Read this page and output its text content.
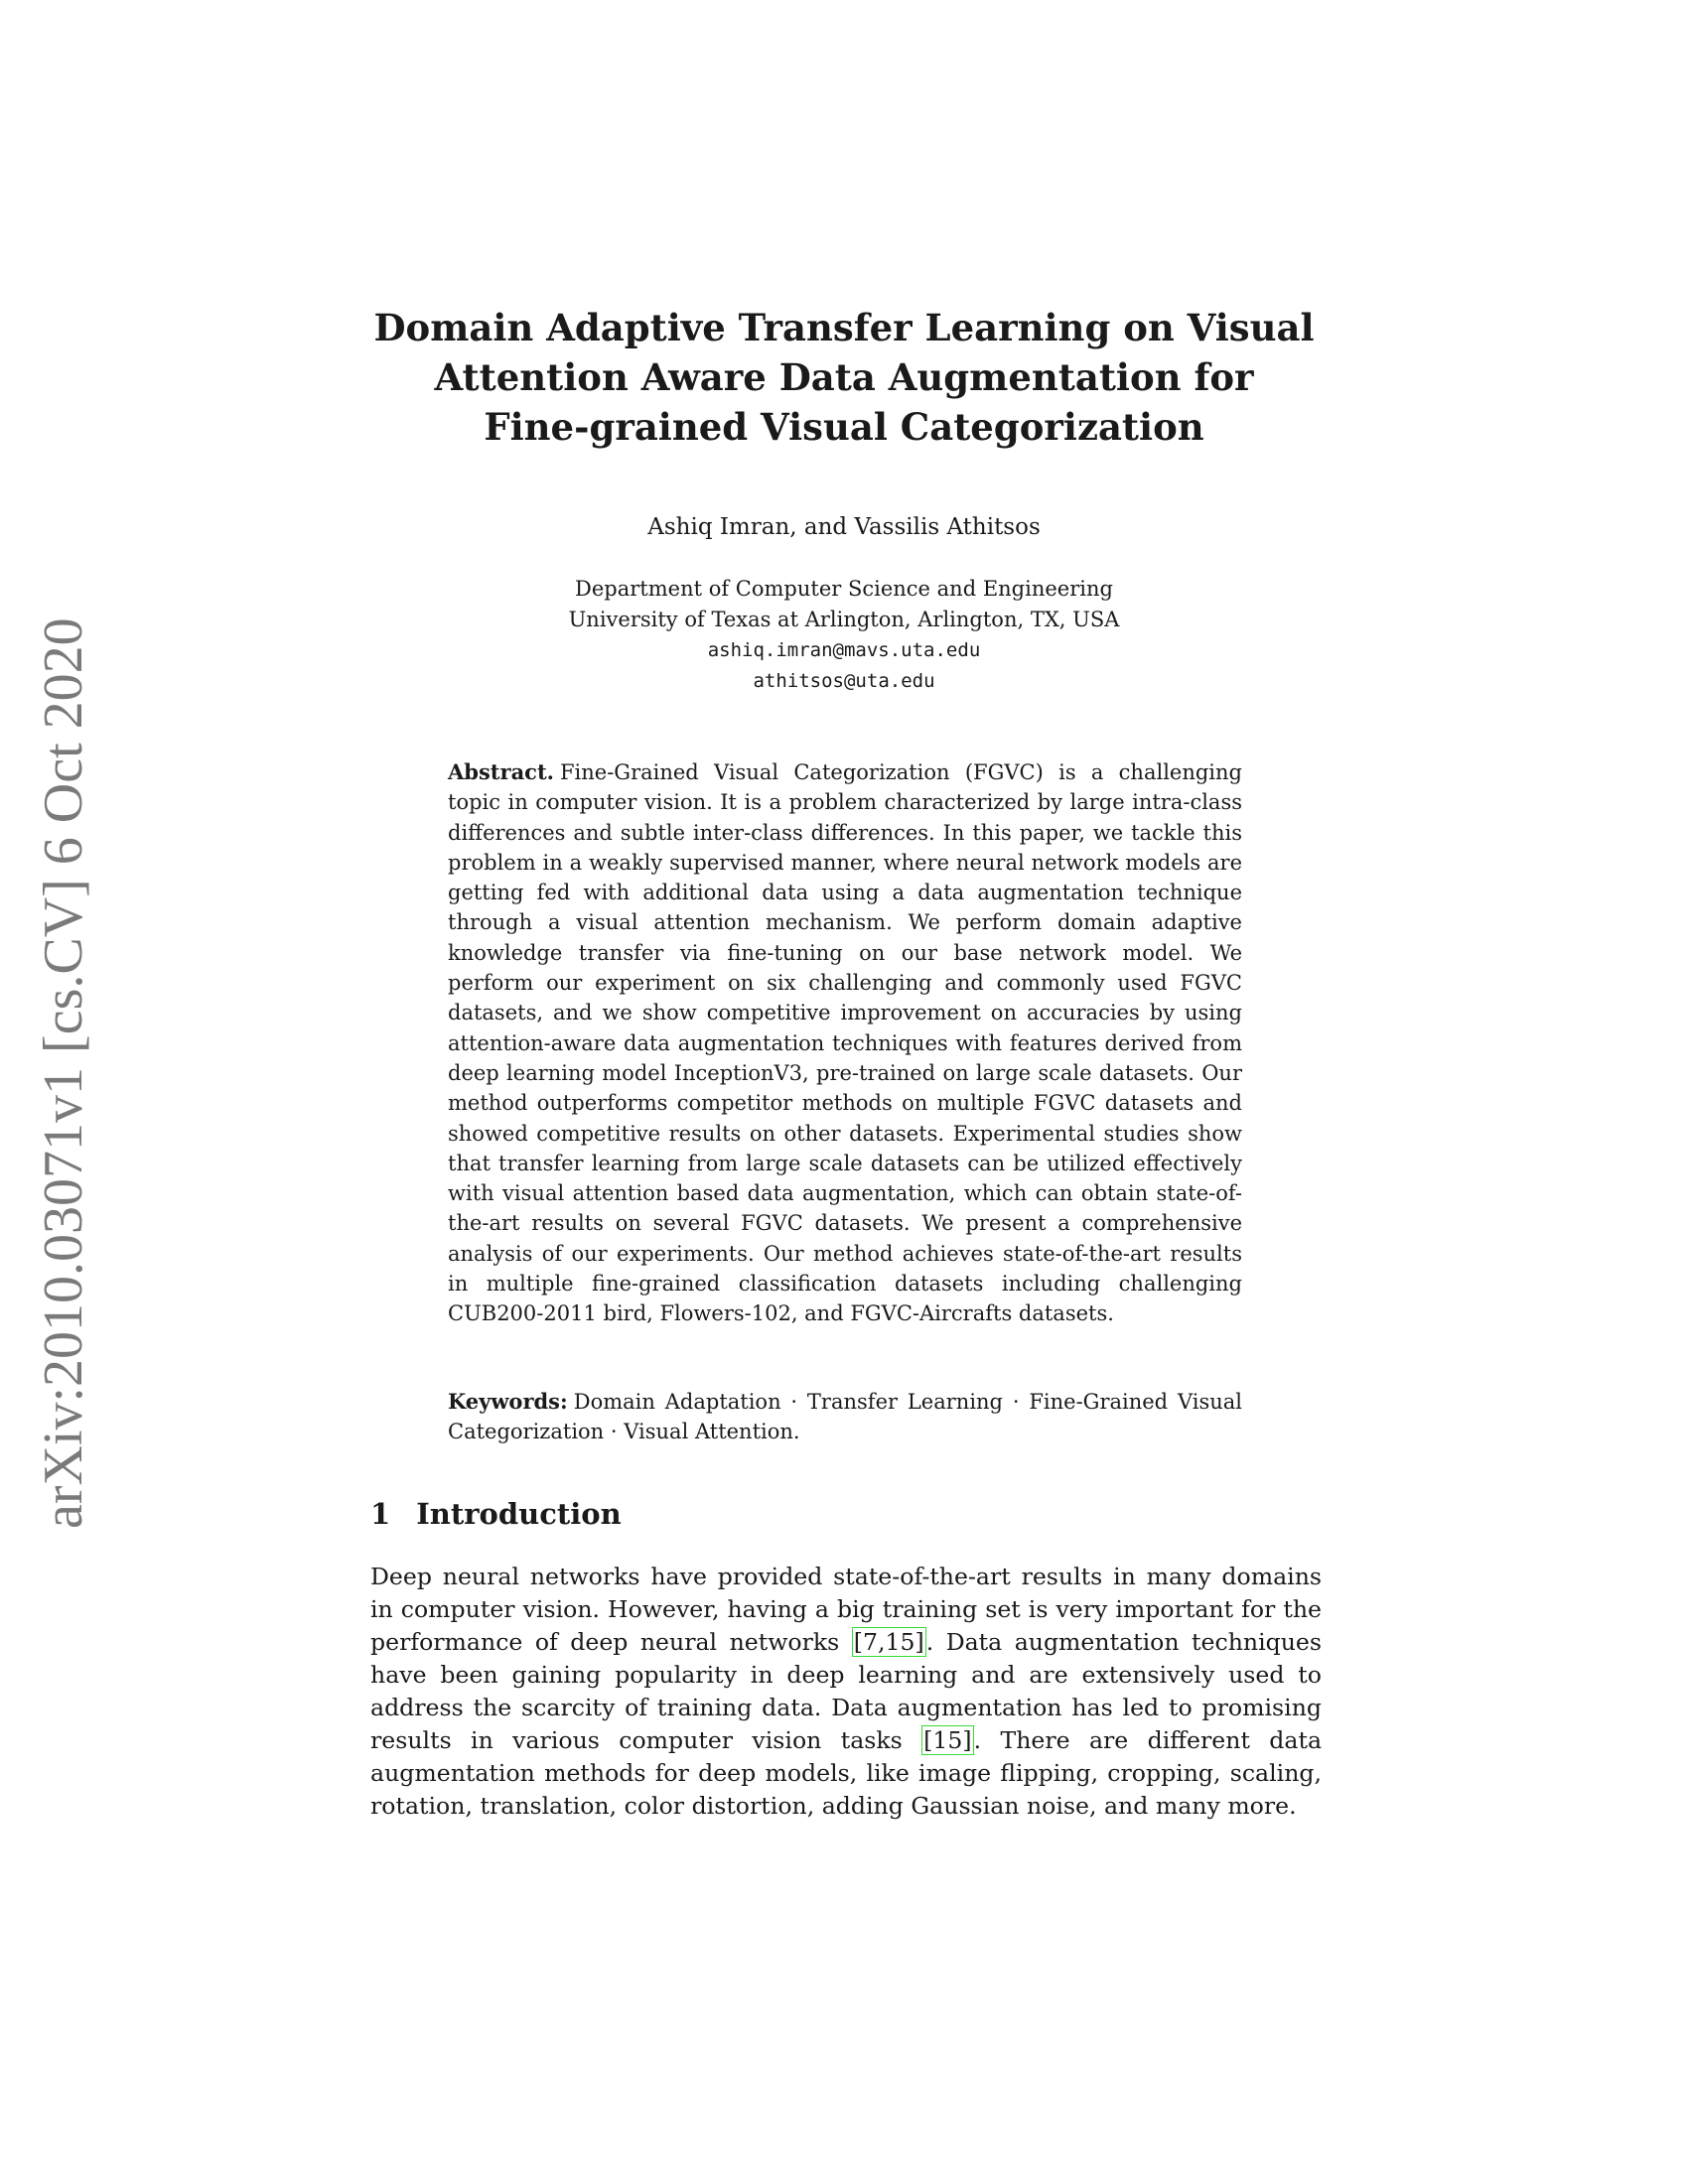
arXiv:2010.03071v1 [cs.CV] 6 Oct 2020
Domain Adaptive Transfer Learning on Visual
Attention Aware Data Augmentation for
Fine-grained Visual Categorization

Ashiq Imran, and Vassilis Athitsos

Department of Computer Science and Engineering
University of Texas at Arlington, Arlington, TX, USA
ashiq.imran@mavs.uta.edu
athitsos@uta.edu

Abstract. Fine-Grained Visual Categorization (FGVC) is a challenging topic in computer vision. It is a problem characterized by large intra-class differences and subtle inter-class differences. In this paper, we tackle this problem in a weakly supervised manner, where neural network models are getting fed with additional data using a data augmentation technique through a visual attention mechanism. We perform domain adaptive knowledge transfer via fine-tuning on our base network model. We perform our experiment on six challenging and commonly used FGVC datasets, and we show competitive improvement on accuracies by using attention-aware data augmentation techniques with features derived from deep learning model InceptionV3, pre-trained on large scale datasets. Our method outperforms competitor methods on multiple FGVC datasets and showed competitive results on other datasets. Experimental studies show that transfer learning from large scale datasets can be utilized effectively with visual attention based data augmentation, which can obtain state-of-the-art results on several FGVC datasets. We present a comprehensive analysis of our experiments. Our method achieves state-of-the-art results in multiple fine-grained classification datasets including challenging CUB200-2011 bird, Flowers-102, and FGVC-Aircrafts datasets.

Keywords: Domain Adaptation · Transfer Learning · Fine-Grained Visual Categorization · Visual Attention.

1 Introduction

Deep neural networks have provided state-of-the-art results in many domains in computer vision. However, having a big training set is very important for the performance of deep neural networks [7,15]. Data augmentation techniques have been gaining popularity in deep learning and are extensively used to address the scarcity of training data. Data augmentation has led to promising results in various computer vision tasks [15]. There are different data augmentation methods for deep models, like image flipping, cropping, scaling, rotation, translation, color distortion, adding Gaussian noise, and many more.
